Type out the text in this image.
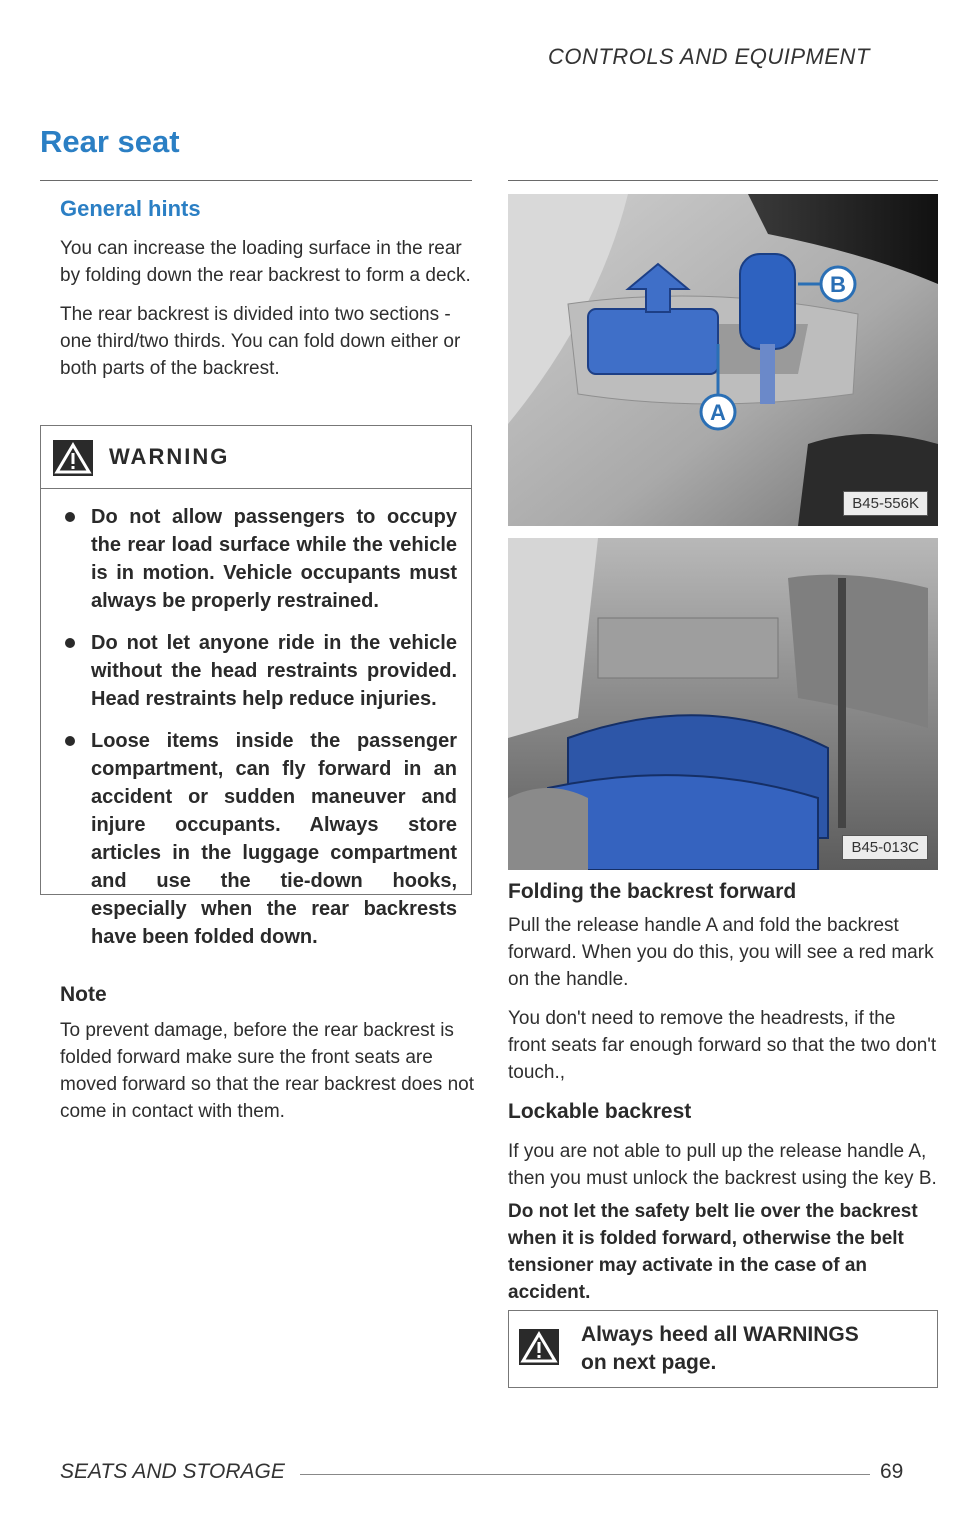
CONTROLS AND EQUIPMENT
Rear seat
General hints

You can increase the loading surface in the rear by folding down the rear backrest to form a deck.

The rear backrest is divided into two sections - one third/two thirds. You can fold down either or both parts of the backrest.

WARNING
Do not allow passengers to occupy the rear load surface while the vehicle is in motion. Vehicle occupants must always be properly restrained.
Do not let anyone ride in the vehicle without the head restraints provided. Head restraints help reduce injuries.
Loose items inside the passenger compartment, can fly forward in an accident or sudden maneuver and injure occupants. Always store articles in the luggage compartment and use the tie-down hooks, especially when the rear backrests have been folded down.
Note
To prevent damage, before the rear backrest is folded forward make sure the front seats are moved forward so that the rear backrest does not come in contact with them.
A
B
B45-556K
B45-013C
Folding the backrest forward

Pull the release handle A and fold the backrest forward. When you do this, you will see a red mark on the handle.

You don't need to remove the headrests, if the front seats far enough forward so that the two don't touch.,

Lockable backrest
If you are not able to pull up the release handle A, then you must unlock the backrest using the key B.
Do not let the safety belt lie over the backrest when it is folded forward, otherwise the belt tensioner may activate in the case of an accident.
Always heed all WARNINGS on next page.
SEATS AND STORAGE	69
